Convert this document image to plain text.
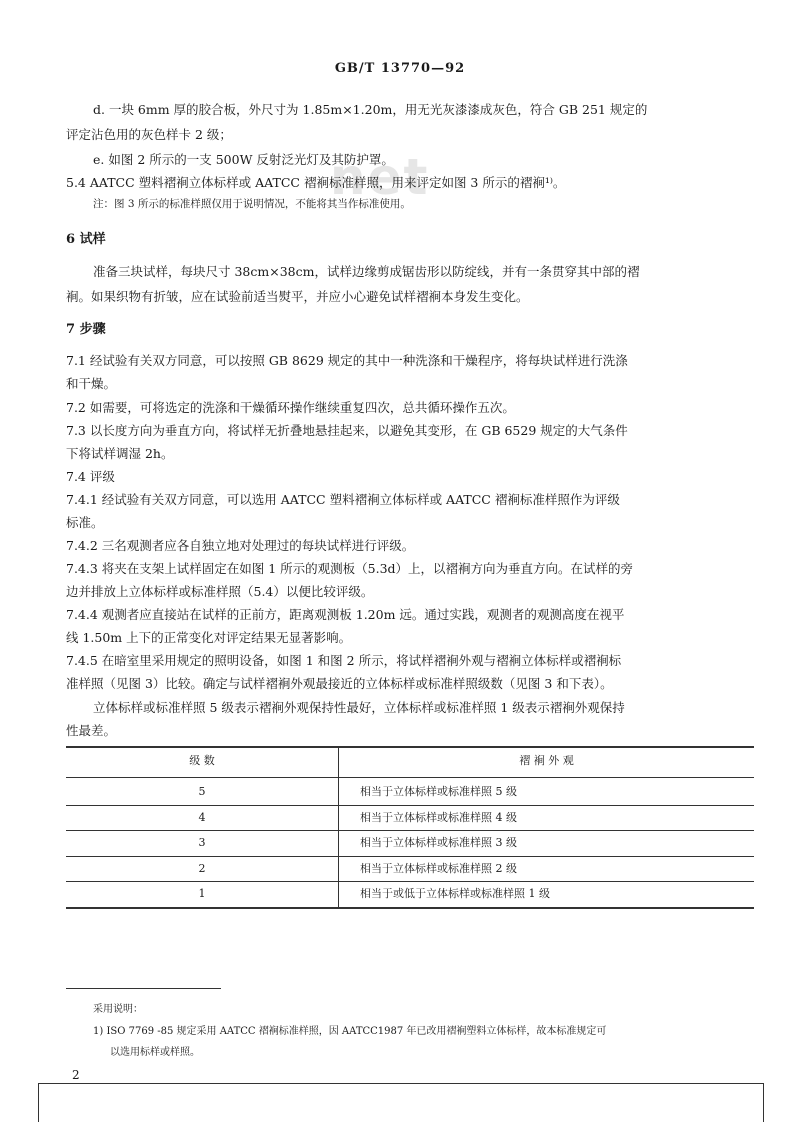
GB/T 13770—92
net
d. 一块 6mm 厚的胶合板，外尺寸为 1.85m×1.20m，用无光灰漆漆成灰色，符合 GB 251 规定的
评定沾色用的灰色样卡 2 级；
e. 如图 2 所示的一支 500W 反射泛光灯及其防护罩。
5.4 AATCC 塑料褶裥立体标样或 AATCC 褶裥标准样照，用来评定如图 3 所示的褶裥¹⁾。
6 试样
准备三块试样，每块尺寸 38cm×38cm，试样边缘剪成锯齿形以防绽线，并有一条贯穿其中部的褶
裥。如果织物有折皱，应在试验前适当熨平，并应小心避免试样褶裥本身发生变化。
7 步骤
7.1 经试验有关双方同意，可以按照 GB 8629 规定的其中一种洗涤和干燥程序，将每块试样进行洗涤
和干燥。
7.2 如需要，可将选定的洗涤和干燥循环操作继续重复四次，总共循环操作五次。
7.3 以长度方向为垂直方向，将试样无折叠地悬挂起来，以避免其变形，在 GB 6529 规定的大气条件
下将试样调湿 2h。
7.4 评级
7.4.1 经试验有关双方同意，可以选用 AATCC 塑料褶裥立体标样或 AATCC 褶裥标准样照作为评级
标准。
7.4.2 三名观测者应各自独立地对处理过的每块试样进行评级。
7.4.3 将夹在支架上试样固定在如图 1 所示的观测板（5.3d）上，以褶裥方向为垂直方向。在试样的旁
边并排放上立体标样或标准样照（5.4）以便比较评级。
7.4.4 观测者应直接站在试样的正前方，距离观测板 1.20m 远。通过实践，观测者的观测高度在视平
线 1.50m 上下的正常变化对评定结果无显著影响。
7.4.5 在暗室里采用规定的照明设备，如图 1 和图 2 所示，将试样褶裥外观与褶裥立体标样或褶裥标
准样照（见图 3）比较。确定与试样褶裥外观最接近的立体标样或标准样照级数（见图 3 和下表）。
立体标样或标准样照 5 级表示褶裥外观保持性最好，立体标样或标准样照 1 级表示褶裥外观保持
性最差。
注：图 3 所示的标准样照仅用于说明情况，不能将其当作标准使用。
级 数	褶 裥 外 观
5	相当于立体标样或标准样照 5 级
4	相当于立体标样或标准样照 4 级
3	相当于立体标样或标准样照 3 级
2	相当于立体标样或标准样照 2 级
1	相当于或低于立体标样或标准样照 1 级
采用说明：
1) ISO 7769 -85 规定采用 AATCC 褶裥标准样照，因 AATCC1987 年已改用褶裥塑料立体标样，故本标准规定可
以选用标样或样照。
2
